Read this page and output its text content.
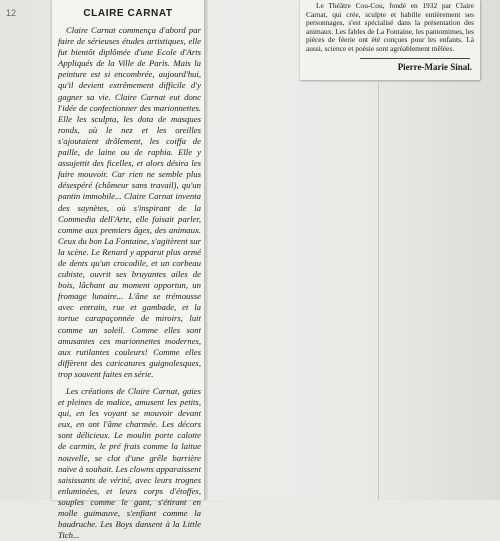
12	CLAIRE CARNAT

Claire Carnat commença d'abord par faire de sérieuses études artistiques, elle fut bientôt diplômée d'une Ecole d'Arts Appliqués de la Ville de Paris. Mais la peinture est si encombrée, aujourd'hui, qu'il devient extrêmement difficile d'y gagner sa vie. Claire Carnat eut donc l'idée de confectionner des marionnettes. Elle les sculpta, les dota de masques ronds, où le nez et les oreilles s'ajoutaient drôlement, les coiffa de paille, de laine ou de raphia. Elle y assujettit des ficelles, et alors désira les faire mouvoir. Car rien ne semble plus désespéré (chômeur sans travail), qu'un pantin immobile... Claire Carnat inventa des saynètes, où s'inspirant de la Commedia dell'Arte, elle faisait parler, comme aux premiers âges, des animaux. Ceux du bon La Fontaine, s'agitèrent sur la scène. Le Renard y apparut plus armé de dents qu'un crocodile, et un corbeau cubiste, ouvrit ses bruyantes ailes de bois, lâchant au moment opportun, un fromage lunaire... L'âne se trémousse avec entrain, rue et gambade, et la tortue carapaçonnée de miroirs, luit comme un soleil. Comme elles sont amusantes ces marionnettes modernes, aux rutilantes couleurs! Comme elles diffèrent des caricatures guignolesques, trop souvent faites en série.

Les créations de Claire Carnat, gaies et pleines de malice, amusent les petits, qui, en les voyant se mouvoir devant eux, en ont l'âme charmée. Les décors sont délicieux. Le moulin porte calotte de carmin, le pré frais comme la laitue nouvelle, se clot d'une grêle barrière naïve à souhait. Les clowns apparaissent saisissants de vérité, avec leurs trognes enluminées, et leurs corps d'étoffes, souples comme le gant, s'étirant en molle guimauve, s'enfiant comme la baudruche. Les Boys dansent à la Little Tich...

Le Théâtre Cou-Cou, fondé en 1932 par Claire Carnat, qui crée, sculpte et habille entièrement ses personnages, s'est spécialisé dans la présentation des animaux. Les fables de La Fontaine, les pantomimes, les pièces de féerie ont été conçues pour les enfants. Là aussi, science et poésie sont agréablement mêlées.

Pierre-Marie Sinal.
